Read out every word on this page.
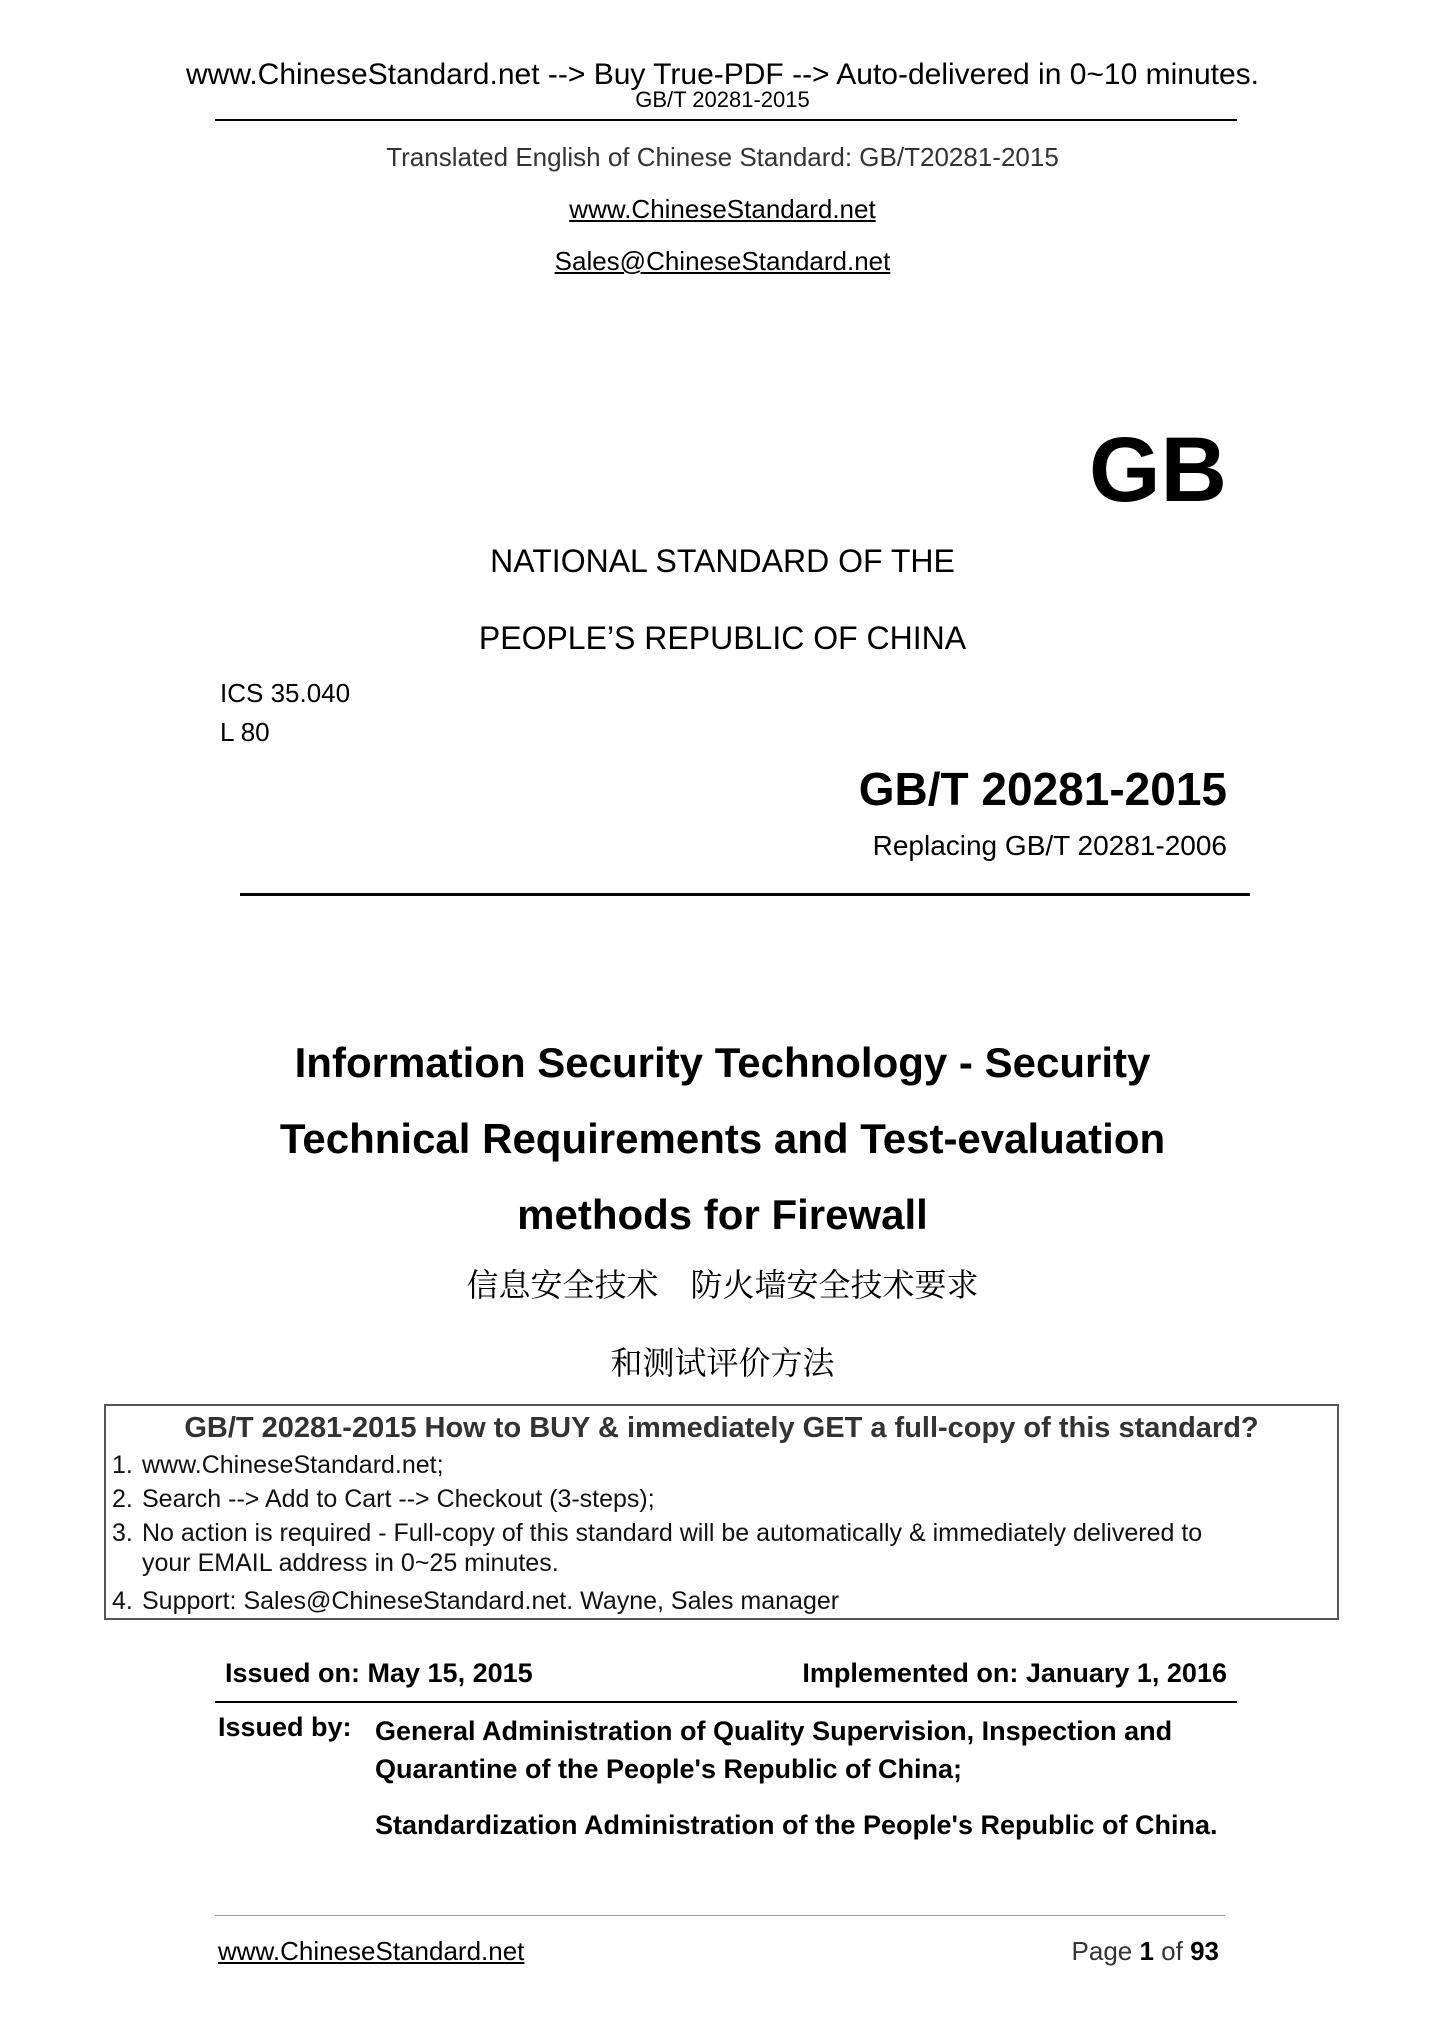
www.ChineseStandard.net --> Buy True-PDF --> Auto-delivered in 0~10 minutes.
GB/T 20281-2015
Translated English of Chinese Standard: GB/T20281-2015
www.ChineseStandard.net
Sales@ChineseStandard.net
GB
NATIONAL STANDARD OF THE
PEOPLE’S REPUBLIC OF CHINA
ICS 35.040
L 80
GB/T 20281-2015
Replacing GB/T 20281-2006
Information Security Technology - Security
Technical Requirements and Test-evaluation
methods for Firewall
信息安全技术　防火墙安全技术要求
和测试评价方法
GB/T 20281-2015 How to BUY & immediately GET a full-copy of this standard?
1. www.ChineseStandard.net;
2. Search --> Add to Cart --> Checkout (3-steps);
3. No action is required - Full-copy of this standard will be automatically & immediately delivered to
your EMAIL address in 0~25 minutes.
4. Support: Sales@ChineseStandard.net. Wayne, Sales manager
Issued on: May 15, 2015	Implemented on: January 1, 2016
Issued by: General Administration of Quality Supervision, Inspection and Quarantine of the People's Republic of China;
Standardization Administration of the People's Republic of China.
www.ChineseStandard.net	Page 1 of 93
